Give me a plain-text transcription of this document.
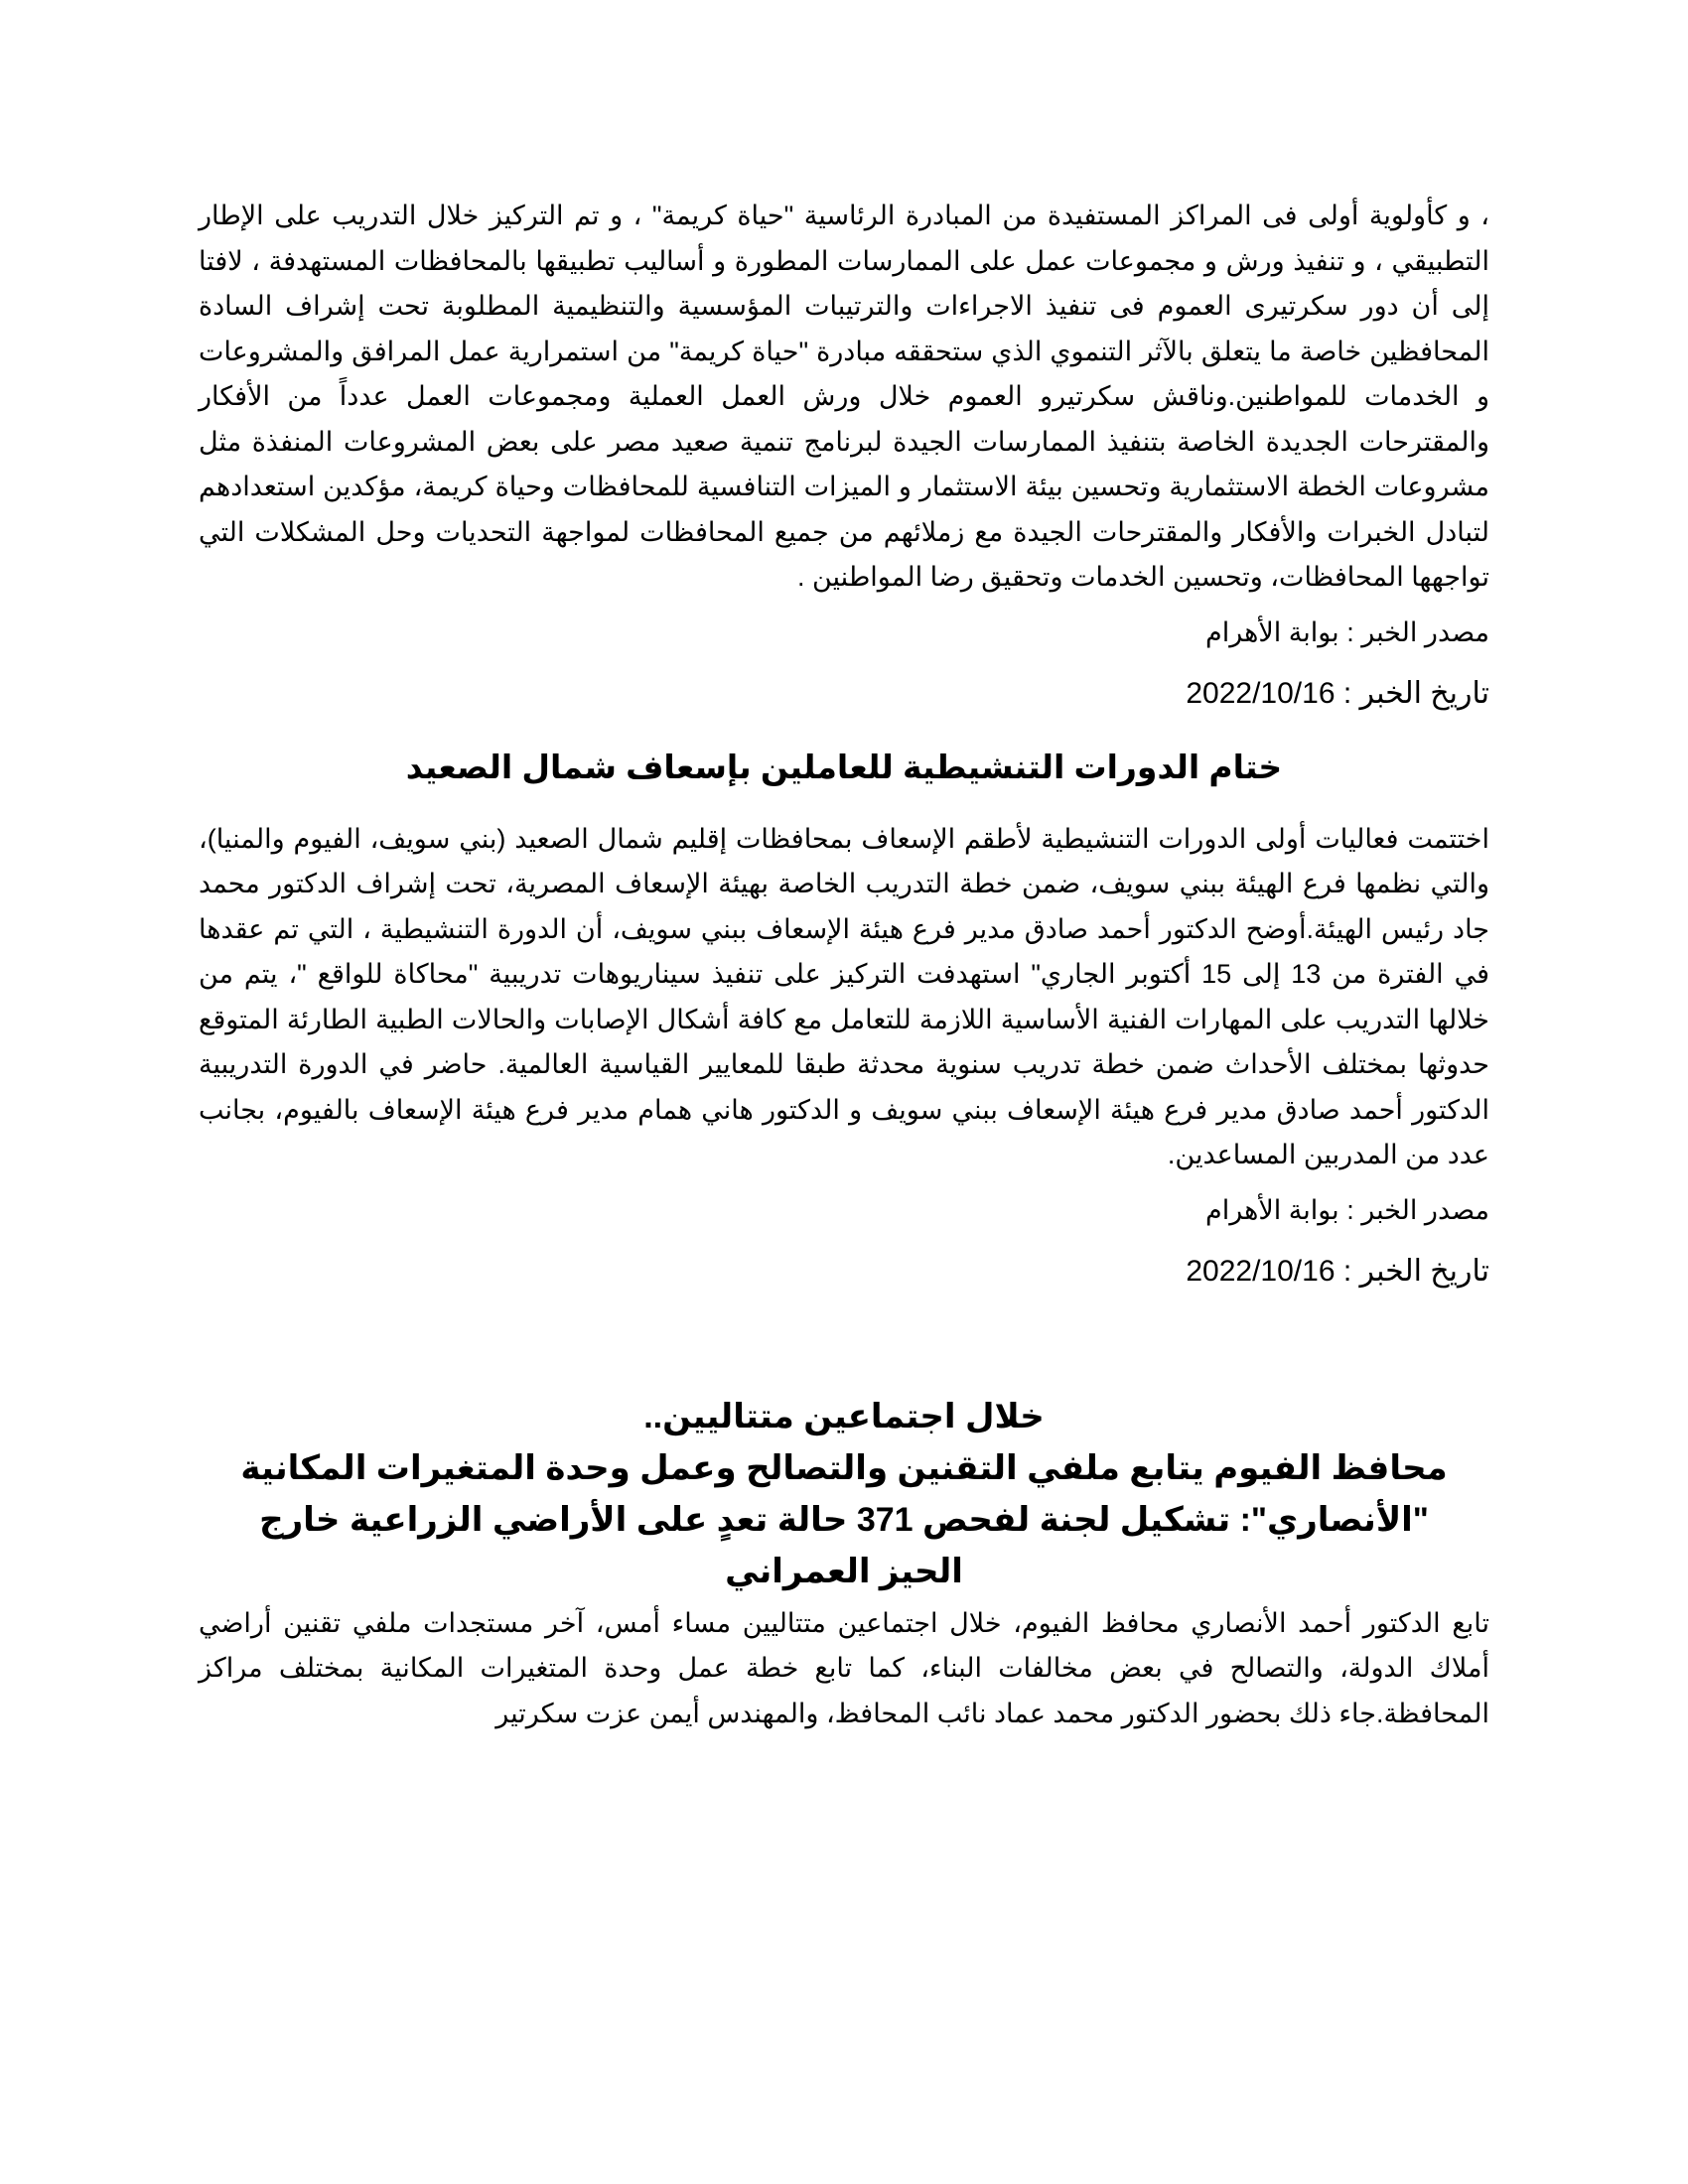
، و كأولوية أولى فى المراكز المستفيدة من المبادرة الرئاسية "حياة كريمة" ، و تم التركيز خلال التدريب على الإطار التطبيقي ، و تنفيذ ورش و مجموعات عمل على الممارسات المطورة و أساليب تطبيقها بالمحافظات المستهدفة ، لافتا إلى أن دور سكرتيرى العموم فى تنفيذ الاجراءات والترتيبات المؤسسية والتنظيمية المطلوبة تحت إشراف السادة المحافظين خاصة ما يتعلق بالآثر التنموي الذي ستحققه مبادرة "حياة كريمة" من استمرارية عمل المرافق والمشروعات و الخدمات للمواطنين.وناقش سكرتيرو العموم خلال ورش العمل العملية ومجموعات العمل عدداً من الأفكار والمقترحات الجديدة الخاصة بتنفيذ الممارسات الجيدة لبرنامج تنمية صعيد مصر على بعض المشروعات المنفذة مثل مشروعات الخطة الاستثمارية وتحسين بيئة الاستثمار و الميزات التنافسية للمحافظات وحياة كريمة، مؤكدين استعدادهم لتبادل الخبرات والأفكار والمقترحات الجيدة مع زملائهم من جميع المحافظات لمواجهة التحديات وحل المشكلات التي تواجهها المحافظات، وتحسين الخدمات وتحقيق رضا المواطنين .

مصدر الخبر : بوابة الأهرام

تاريخ الخبر : 2022/10/16

ختام الدورات التنشيطية للعاملين بإسعاف شمال الصعيد

اختتمت فعاليات أولى الدورات التنشيطية لأطقم الإسعاف بمحافظات إقليم شمال الصعيد (بني سويف، الفيوم والمنيا)، والتي نظمها فرع الهيئة ببني سويف، ضمن خطة التدريب الخاصة بهيئة الإسعاف المصرية، تحت إشراف الدكتور محمد جاد رئيس الهيئة.أوضح الدكتور أحمد صادق مدير فرع هيئة الإسعاف ببني سويف، أن الدورة التنشيطية ، التي تم عقدها في الفترة من 13 إلى 15 أكتوبر الجاري" استهدفت التركيز على تنفيذ سيناريوهات تدريبية "محاكاة للواقع "، يتم من خلالها التدريب على المهارات الفنية الأساسية اللازمة للتعامل مع كافة أشكال الإصابات والحالات الطبية الطارئة المتوقع حدوثها بمختلف الأحداث ضمن خطة تدريب سنوية محدثة طبقا للمعايير القياسية العالمية. حاضر في الدورة التدريبية الدكتور أحمد صادق مدير فرع هيئة الإسعاف ببني سويف و الدكتور هاني همام مدير فرع هيئة الإسعاف بالفيوم، بجانب عدد من المدربين المساعدين.

مصدر الخبر : بوابة الأهرام

تاريخ الخبر : 2022/10/16

خلال اجتماعين متتاليين..
محافظ الفيوم يتابع ملفي التقنين والتصالح وعمل وحدة المتغيرات المكانية
"الأنصاري": تشكيل لجنة لفحص 371 حالة تعدٍ على الأراضي الزراعية خارج
الحيز العمراني

تابع الدكتور أحمد الأنصاري محافظ الفيوم، خلال اجتماعين متتاليين مساء أمس، آخر مستجدات ملفي تقنين أراضي أملاك الدولة، والتصالح في بعض مخالفات البناء، كما تابع خطة عمل وحدة المتغيرات المكانية بمختلف مراكز المحافظة.جاء ذلك بحضور الدكتور محمد عماد نائب المحافظ، والمهندس أيمن عزت سكرتير
